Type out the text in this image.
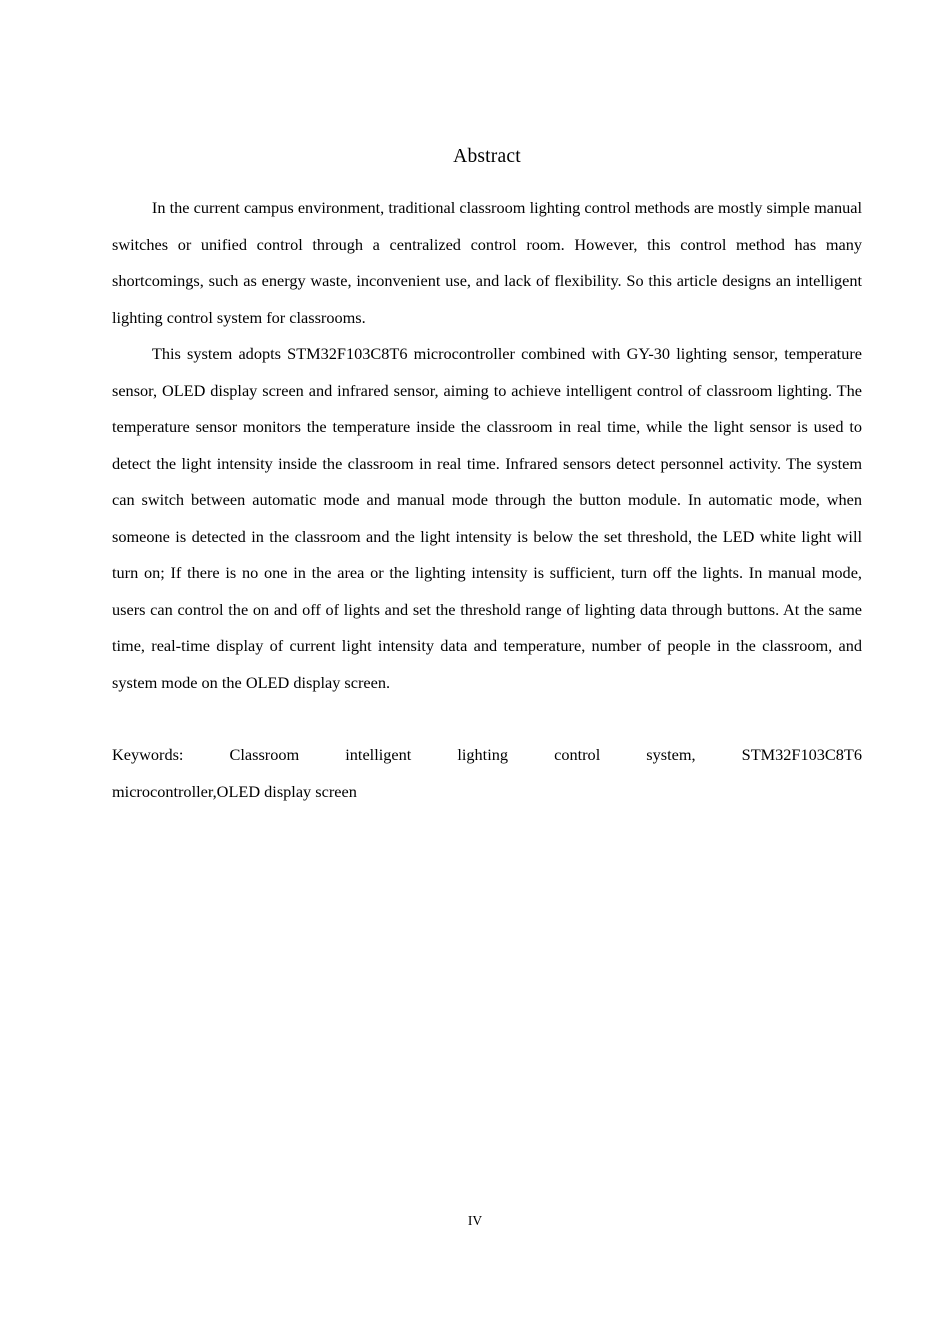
Abstract

In the current campus environment, traditional classroom lighting control methods are mostly simple manual switches or unified control through a centralized control room. However, this control method has many shortcomings, such as energy waste, inconvenient use, and lack of flexibility. So this article designs an intelligent lighting control system for classrooms.

This system adopts STM32F103C8T6 microcontroller combined with GY-30 lighting sensor, temperature sensor, OLED display screen and infrared sensor, aiming to achieve intelligent control of classroom lighting. The temperature sensor monitors the temperature inside the classroom in real time, while the light sensor is used to detect the light intensity inside the classroom in real time. Infrared sensors detect personnel activity. The system can switch between automatic mode and manual mode through the button module. In automatic mode, when someone is detected in the classroom and the light intensity is below the set threshold, the LED white light will turn on; If there is no one in the area or the lighting intensity is sufficient, turn off the lights. In manual mode, users can control the on and off of lights and set the threshold range of lighting data through buttons. At the same time, real-time display of current light intensity data and temperature, number of people in the classroom, and system mode on the OLED display screen.

Keywords: Classroom intelligent lighting control system, STM32F103C8T6
microcontroller,OLED display screen
IV
